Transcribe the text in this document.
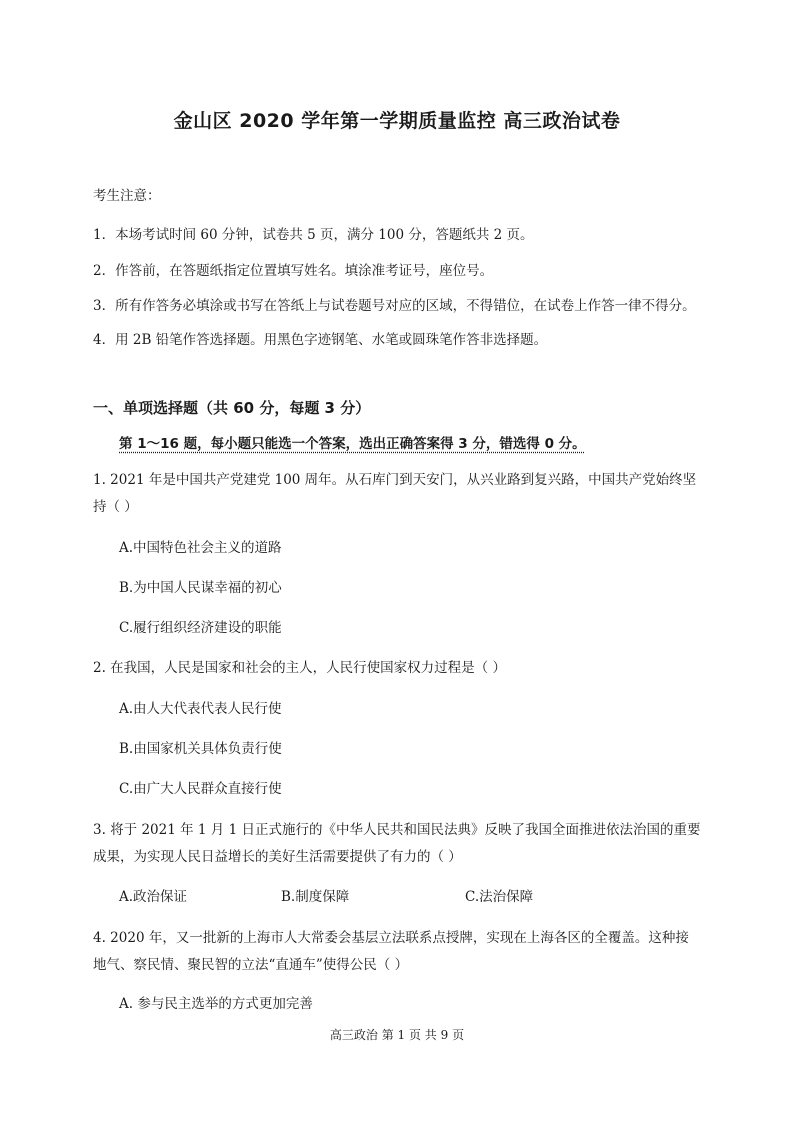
金山区 2020 学年第一学期质量监控 高三政治试卷
考生注意：
1．本场考试时间 60 分钟，试卷共 5 页，满分 100 分，答题纸共 2 页。
2．作答前，在答题纸指定位置填写姓名。填涂准考证号，座位号。
3．所有作答务必填涂或书写在答纸上与试卷题号对应的区域，不得错位，在试卷上作答一律不得分。
4．用 2B 铅笔作答选择题。用黑色字迹钢笔、水笔或圆珠笔作答非选择题。
一、单项选择题（共 60 分，每题 3 分）
第 1～16 题，每小题只能选一个答案，选出正确答案得 3 分，错选得 0 分。
1. 2021 年是中国共产党建党 100 周年。从石库门到天安门，从兴业路到复兴路，中国共产党始终坚
持（ ）
A.中国特色社会主义的道路
B.为中国人民谋幸福的初心
C.履行组织经济建设的职能
2. 在我国，人民是国家和社会的主人，人民行使国家权力过程是（ ）
A.由人大代表代表人民行使
B.由国家机关具体负责行使
C.由广大人民群众直接行使
3. 将于 2021 年 1 月 1 日正式施行的《中华人民共和国民法典》反映了我国全面推进依法治国的重要
成果，为实现人民日益增长的美好生活需要提供了有力的（ ）
A.政治保证	B.制度保障	C.法治保障
4. 2020 年，又一批新的上海市人大常委会基层立法联系点授牌，实现在上海各区的全覆盖。这种接
地气、察民情、聚民智的立法“直通车”使得公民（ ）
A. 参与民主选举的方式更加完善
高三政治 第 1 页 共 9 页
